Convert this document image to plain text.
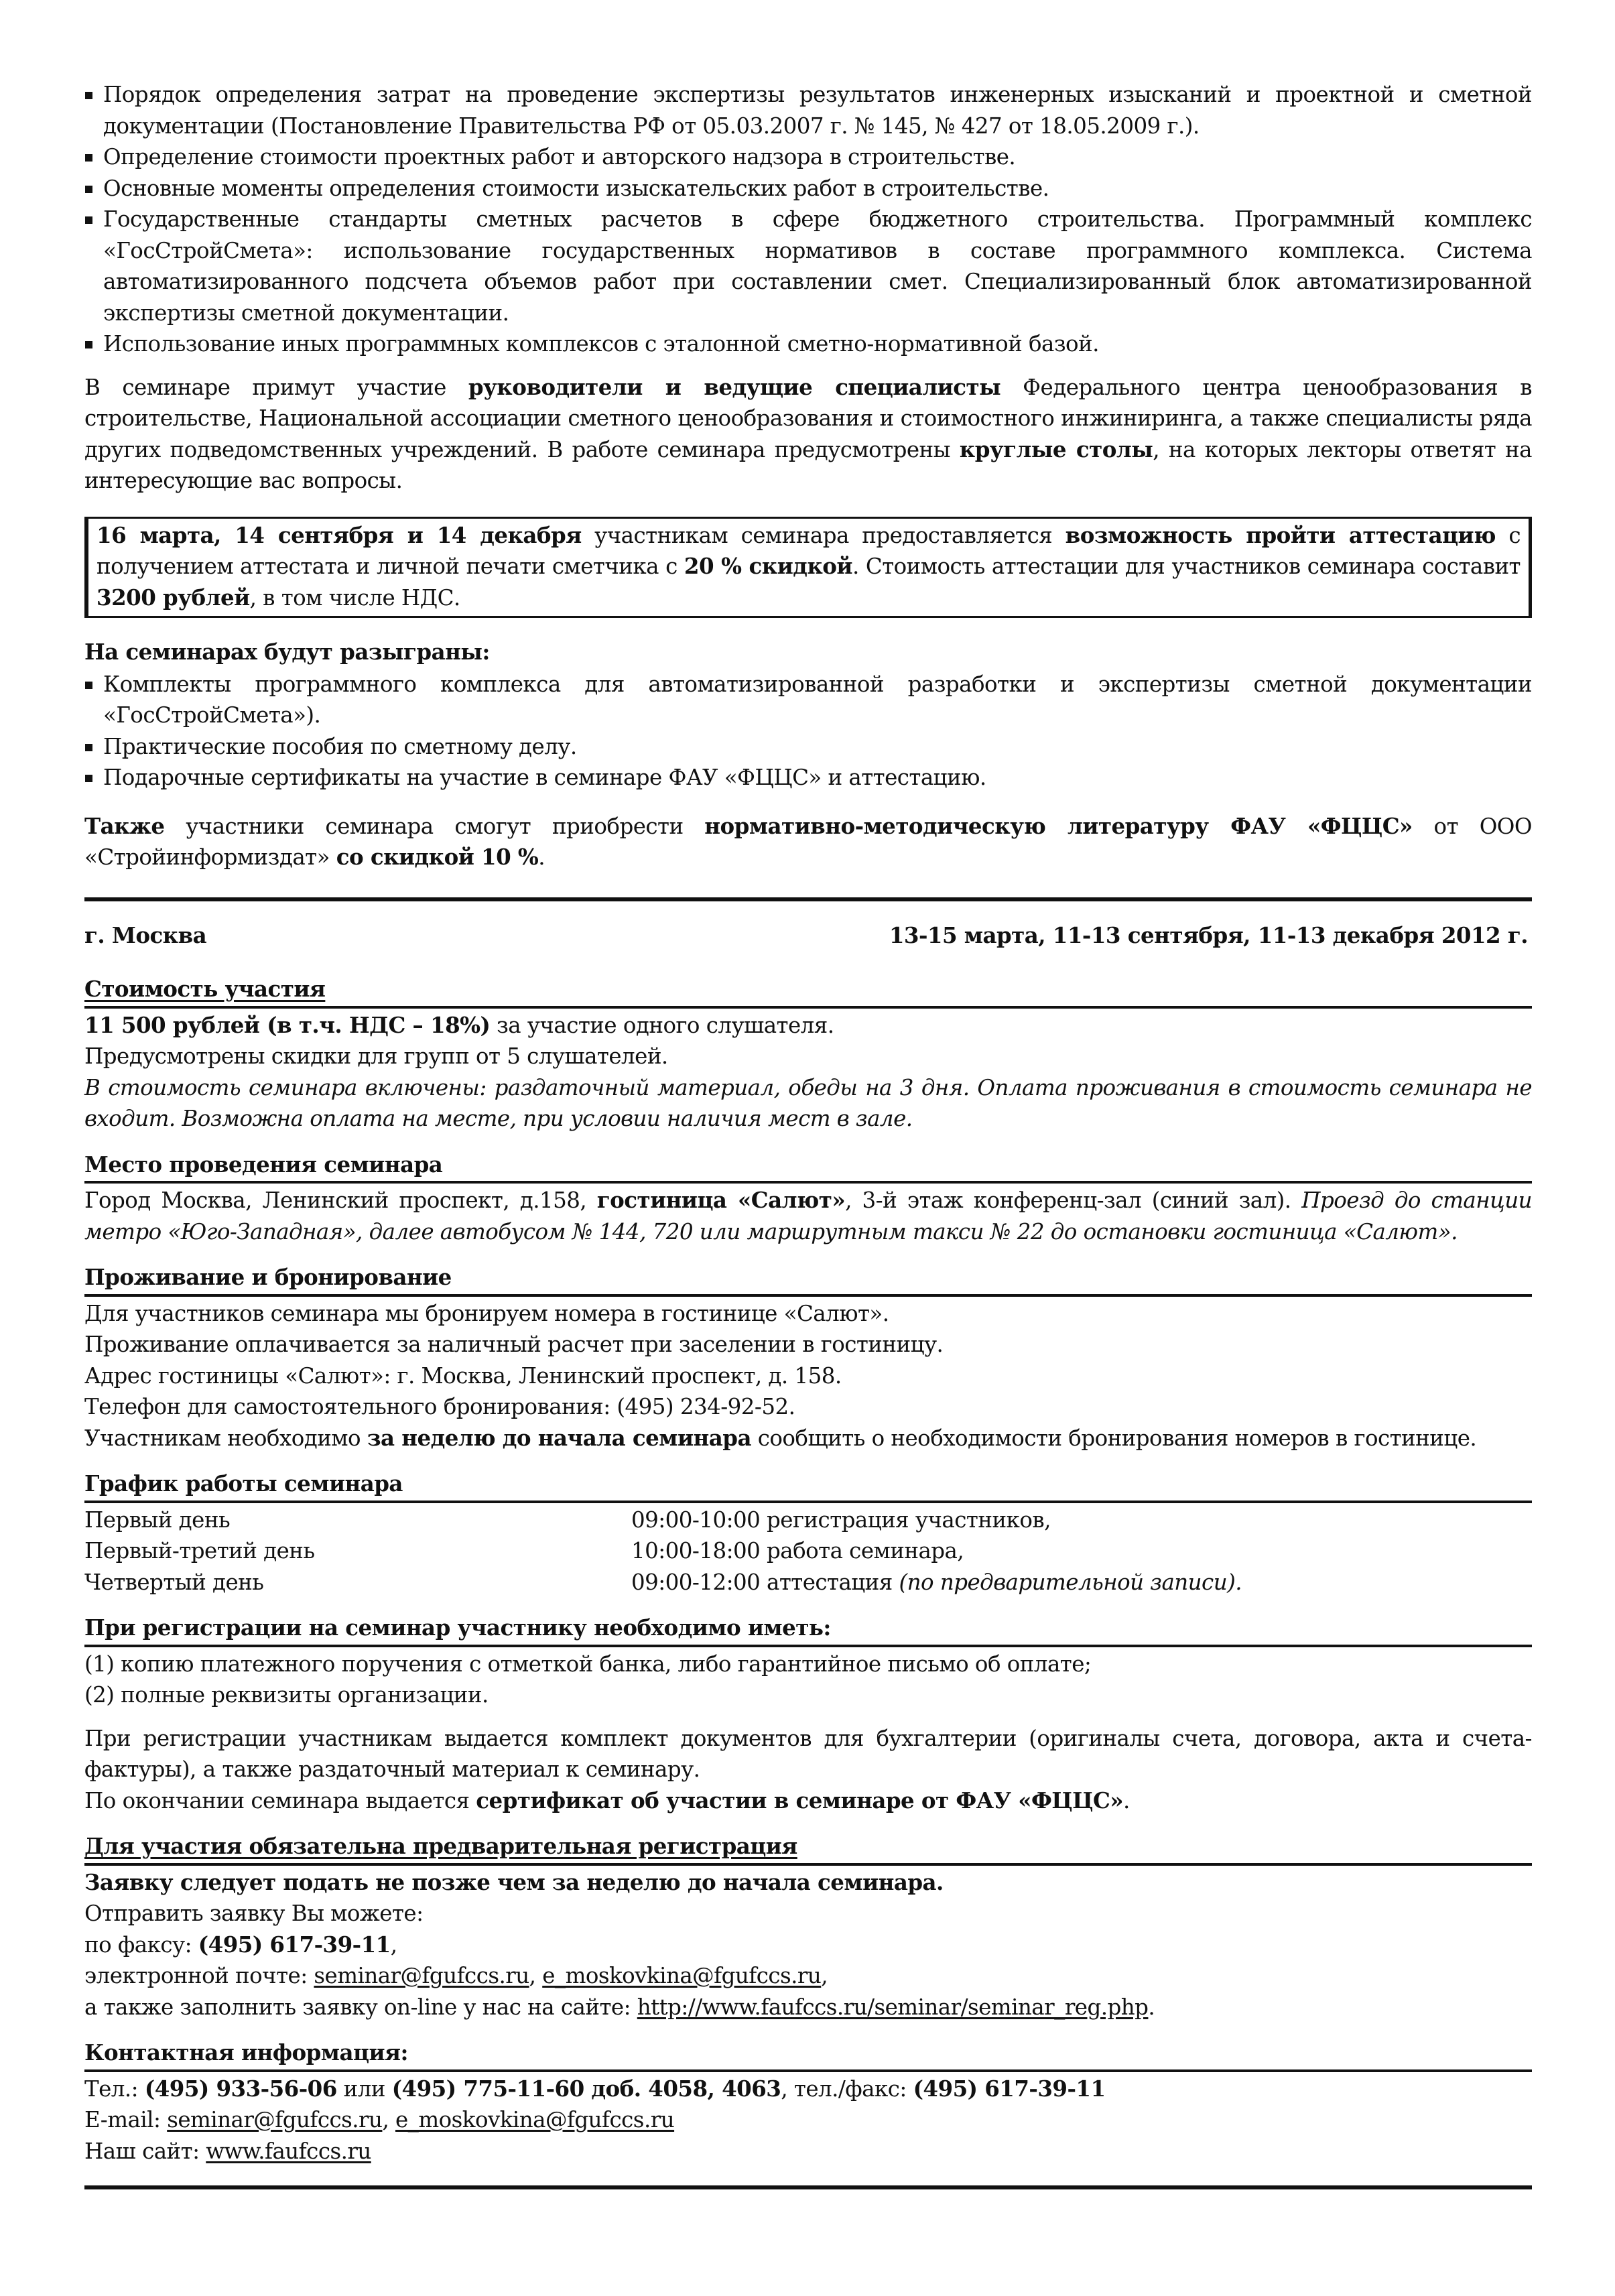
Порядок определения затрат на проведение экспертизы результатов инженерных изысканий и проектной и сметной документации (Постановление Правительства РФ от 05.03.2007 г. № 145, № 427 от 18.05.2009 г.).
Определение стоимости проектных работ и авторского надзора в строительстве.
Основные моменты определения стоимости изыскательских работ в строительстве.
Государственные стандарты сметных расчетов в сфере бюджетного строительства. Программный комплекс «ГосСтройСмета»: использование государственных нормативов в составе программного комплекса. Система автоматизированного подсчета объемов работ при составлении смет. Специализированный блок автоматизированной экспертизы сметной документации.
Использование иных программных комплексов с эталонной сметно-нормативной базой.

В семинаре примут участие руководители и ведущие специалисты Федерального центра ценообразования в строительстве, Национальной ассоциации сметного ценообразования и стоимостного инжиниринга, а также специалисты ряда других подведомственных учреждений. В работе семинара предусмотрены круглые столы, на которых лекторы ответят на интересующие вас вопросы.

16 марта, 14 сентября и 14 декабря участникам семинара предоставляется возможность пройти аттестацию с получением аттестата и личной печати сметчика с 20 % скидкой. Стоимость аттестации для участников семинара составит 3200 рублей, в том числе НДС.

На семинарах будут разыграны:

Комплекты программного комплекса для автоматизированной разработки и экспертизы сметной документации «ГосСтройСмета»).
Практические пособия по сметному делу.
Подарочные сертификаты на участие в семинаре ФАУ «ФЦЦС» и аттестацию.

Также участники семинара смогут приобрести нормативно-методическую литературу ФАУ «ФЦЦС» от ООО «Стройинформиздат» со скидкой 10 %.

г. Москва	13-15 марта, 11-13 сентября, 11-13 декабря 2012 г.
Стоимость участия

11 500 рублей (в т.ч. НДС – 18%) за участие одного слушателя.

Предусмотрены скидки для групп от 5 слушателей.

В стоимость семинара включены: раздаточный материал, обеды на 3 дня. Оплата проживания в стоимость семинара не входит. Возможна оплата на месте, при условии наличия мест в зале.

Место проведения семинара

Город Москва, Ленинский проспект, д.158, гостиница «Салют», 3-й этаж конференц-зал (синий зал). Проезд до станции метро «Юго-Западная», далее автобусом № 144, 720 или маршрутным такси № 22 до остановки гостиница «Салют».

Проживание и бронирование

Для участников семинара мы бронируем номера в гостинице «Салют».

Проживание оплачивается за наличный расчет при заселении в гостиницу.

Адрес гостиницы «Салют»: г. Москва, Ленинский проспект, д. 158.

Телефон для самостоятельного бронирования: (495) 234-92-52.

Участникам необходимо за неделю до начала семинара сообщить о необходимости бронирования номеров в гостинице.

График работы семинара
Первый день	09:00-10:00 регистрация участников,
Первый-третий день	10:00-18:00 работа семинара,
Четвертый день	09:00-12:00 аттестация (по предварительной записи).
При регистрации на семинар участнику необходимо иметь:

(1) копию платежного поручения с отметкой банка, либо гарантийное письмо об оплате;

(2) полные реквизиты организации.

При регистрации участникам выдается комплект документов для бухгалтерии (оригиналы счета, договора, акта и счета-фактуры), а также раздаточный материал к семинару.

По окончании семинара выдается сертификат об участии в семинаре от ФАУ «ФЦЦС».

Для участия обязательна предварительная регистрация

Заявку следует подать не позже чем за неделю до начала семинара.

Отправить заявку Вы можете:

по факсу: (495) 617-39-11,

электронной почте: seminar@fgufccs.ru, e_moskovkina@fgufccs.ru,

а также заполнить заявку on-line у нас на сайте: http://www.faufccs.ru/seminar/seminar_reg.php.

Контактная информация:

Тел.: (495) 933-56-06 или (495) 775-11-60 доб. 4058, 4063, тел./факс: (495) 617-39-11

E-mail: seminar@fgufccs.ru, e_moskovkina@fgufccs.ru

Наш сайт: www.faufccs.ru
